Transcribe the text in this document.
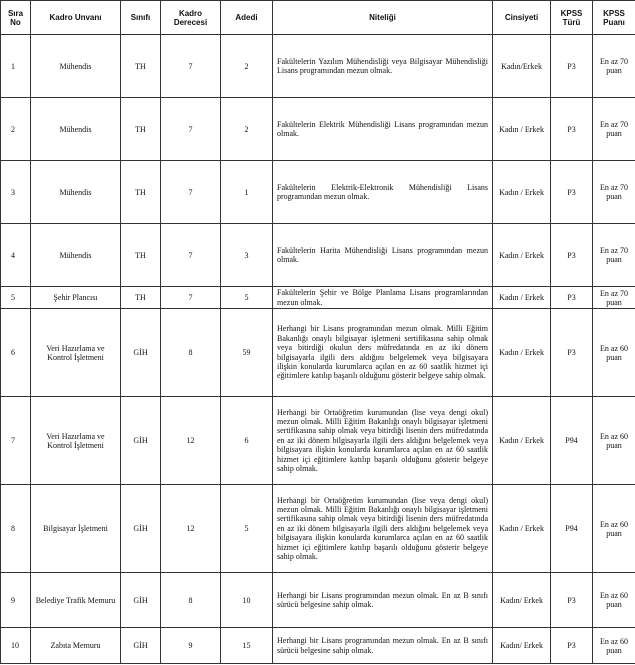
Sıra No	Kadro Unvanı	Sınıfı	Kadro Derecesi	Adedi	Niteliği	Cinsiyeti	KPSS Türü	KPSS Puanı
1	Mühendis	TH	7	2	Fakültelerin Yazılım Mühendisliği veya Bilgisayar Mühendisliği Lisans programından mezun olmak.	Kadın/Erkek	P3	En az 70 puan
2	Mühendis	TH	7	2	Fakültelerin Elektrik Mühendisliği Lisans programından mezun olmak.	Kadın / Erkek	P3	En az 70 puan
3	Mühendis	TH	7	1	Fakültelerin Elektrik-Elektronik Mühendisliği Lisans programından mezun olmak.	Kadın / Erkek	P3	En az 70 puan
4	Mühendis	TH	7	3	Fakültelerin Harita Mühendisliği Lisans programından mezun olmak.	Kadın / Erkek	P3	En az 70 puan
5	Şehir Plancısı	TH	7	5	Fakültelerin Şehir ve Bölge Planlama Lisans programlarından mezun olmak.	Kadın / Erkek	P3	En az 70 puan
6	Veri Hazırlama ve Kontrol İşletmeni	GİH	8	59	Herhangi bir Lisans programından mezun olmak. Milli Eğitim Bakanlığı onaylı bilgisayar işletmeni sertifikasına sahip olmak veya bitirdiği okulun ders müfredatında en az iki dönem bilgisayarla ilgili ders aldığını belgelemek veya bilgisayara ilişkin konularda kurumlarca açılan en az 60 saatlik hizmet içi eğitimlere katılıp başarılı olduğunu gösterir belgeye sahip olmak.	Kadın / Erkek	P3	En az 60 puan
7	Veri Hazırlama ve Kontrol İşletmeni	GİH	12	6	Herhangi bir Ortaöğretim kurumundan (lise veya dengi okul) mezun olmak. Milli Eğitim Bakanlığı onaylı bilgisayar işletmeni sertifikasına sahip olmak veya bitirdiği lisenin ders müfredatında en az iki dönem bilgisayarla ilgili ders aldığını belgelemek veya bilgisayara ilişkin konularda kurumlarca açılan en az 60 saatlik hizmet içi eğitimlere katılıp başarılı olduğunu gösterir belgeye sahip olmak.	Kadın / Erkek	P94	En az 60 puan
8	Bilgisayar İşletmeni	GİH	12	5	Herhangi bir Ortaöğretim kurumundan (lise veya dengi okul) mezun olmak. Milli Eğitim Bakanlığı onaylı bilgisayar işletmeni sertifikasına sahip olmak veya bitirdiği lisenin ders müfredatında en az iki dönem bilgisayarla ilgili ders aldığını belgelemek veya bilgisayara ilişkin konularda kurumlarca açılan en az 60 saatlik hizmet içi eğitimlere katılıp başarılı olduğunu gösterir belgeye sahip olmak.	Kadın / Erkek	P94	En az 60 puan
9	Belediye Trafik Memuru	GİH	8	10	Herhangi bir Lisans programından mezun olmak. En az B sınıfı sürücü belgesine sahip olmak.	Kadın/ Erkek	P3	En az 60 puan
10	Zabıta Memuru	GİH	9	15	Herhangi bir Lisans programından mezun olmak. En az B sınıfı sürücü belgesine sahip olmak.	Kadın/ Erkek	P3	En az 60 puan
